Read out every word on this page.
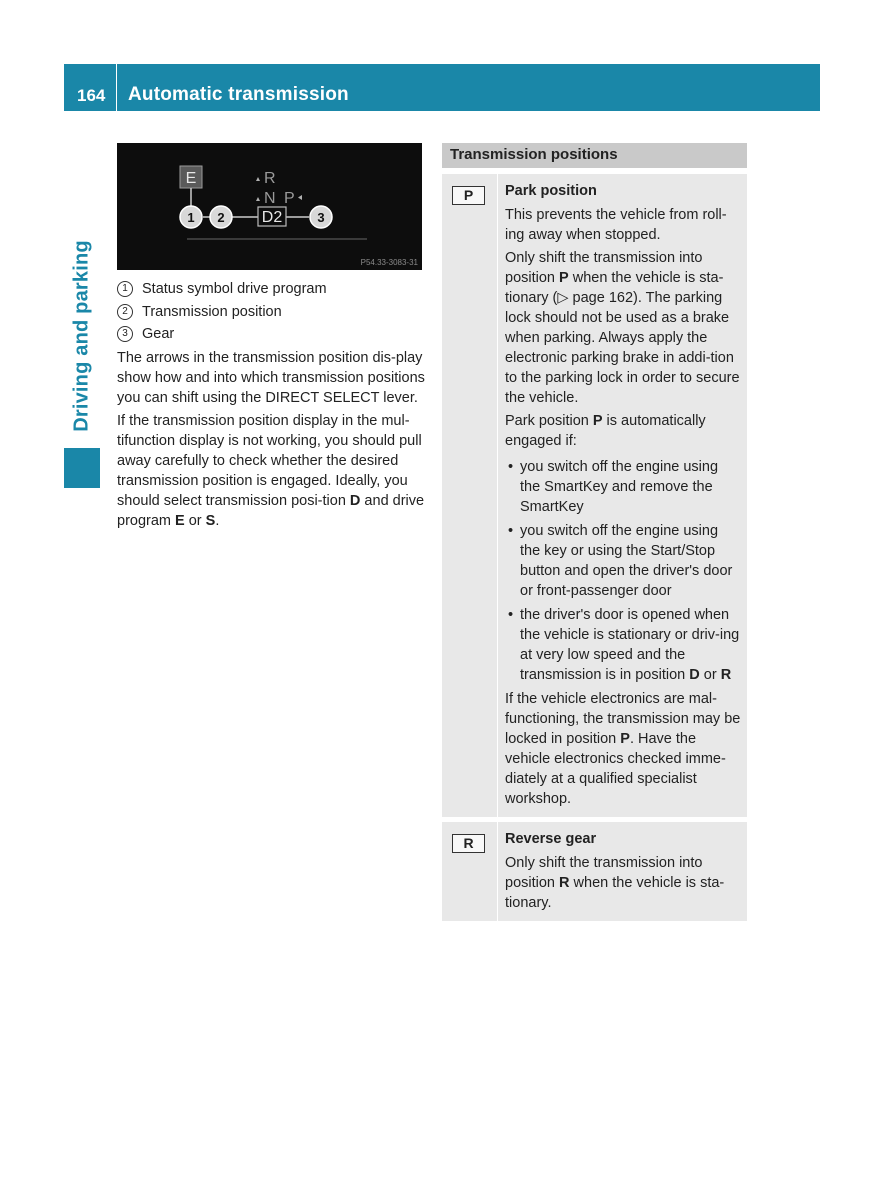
164 Automatic transmission
Driving and parking
E	R
N P
D2
1 2	3
P54.33-3083-31
1 Status symbol drive program
2 Transmission position
3 Gear

The arrows in the transmission position dis-play show how and into which transmission positions you can shift using the DIRECT SELECT lever.

If the transmission position display in the mul-tifunction display is not working, you should pull away carefully to check whether the desired transmission position is engaged. Ideally, you should select transmission posi-tion D and drive program E or S.

Transmission positions
P	Park position

This prevents the vehicle from roll-ing away when stopped.

Only shift the transmission into position P when the vehicle is sta-tionary (▷ page 162). The parking lock should not be used as a brake when parking. Always apply the electronic parking brake in addi-tion to the parking lock in order to secure the vehicle.

Park position P is automatically engaged if:

• you switch off the engine using the SmartKey and remove the SmartKey
• you switch off the engine using the key or using the Start/Stop button and open the driver's door or front-passenger door
• the driver's door is opened when the vehicle is stationary or driv-ing at very low speed and the transmission is in position D or R

If the vehicle electronics are mal-functioning, the transmission may be locked in position P. Have the vehicle electronics checked imme-diately at a qualified specialist workshop.

R	Reverse gear

Only shift the transmission into position R when the vehicle is sta-tionary.
